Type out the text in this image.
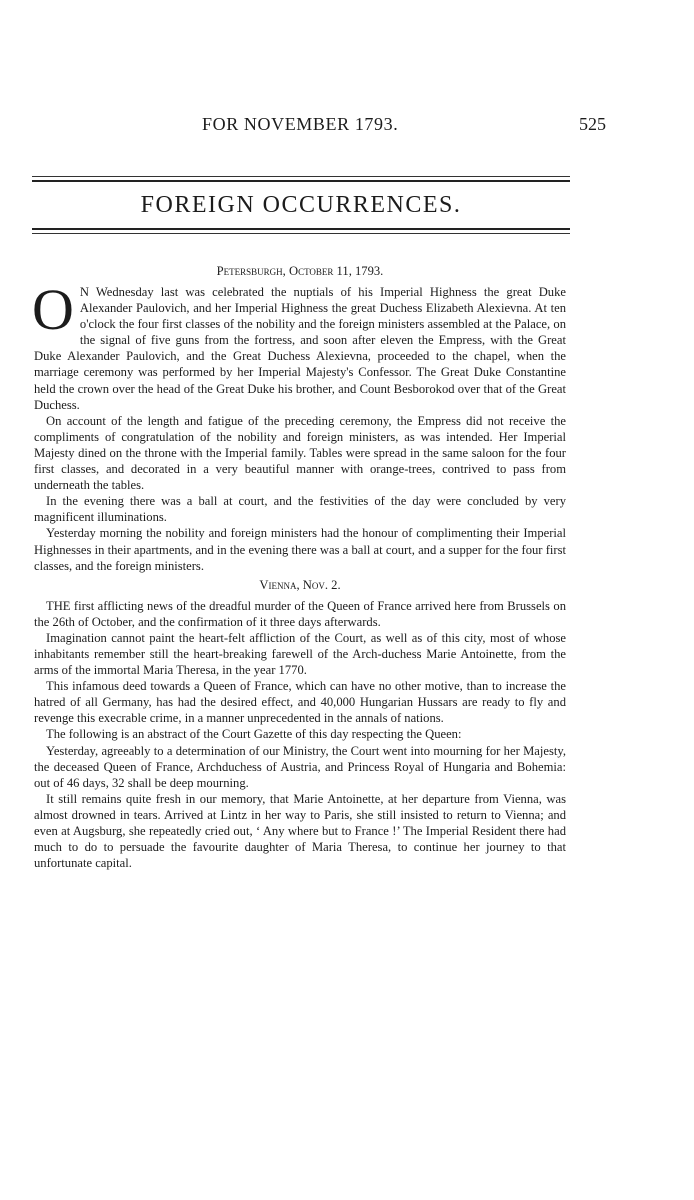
FOR NOVEMBER 1793.	525
FOREIGN OCCURRENCES.

Petersburgh, October 11, 1793.

O N Wednesday last was celebrated the nuptials of his Imperial Highness the great Duke Alexander Paulovich, and her Imperial Highness the great Duchess Elizabeth Alexievna. At ten o'clock the four first classes of the nobility and the foreign ministers assembled at the Palace, on the signal of five guns from the fortress, and soon after eleven the Empress, with the Great Duke Alexander Paulovich, and the Great Duchess Alexievna, proceeded to the chapel, when the marriage ceremony was performed by her Imperial Majesty's Confessor. The Great Duke Constantine held the crown over the head of the Great Duke his brother, and Count Besborokod over that of the Great Duchess.

On account of the length and fatigue of the preceding ceremony, the Empress did not receive the compliments of congratulation of the nobility and foreign ministers, as was intended. Her Imperial Majesty dined on the throne with the Imperial family. Tables were spread in the same saloon for the four first classes, and decorated in a very beautiful manner with orange-trees, contrived to pass from underneath the tables.

In the evening there was a ball at court, and the festivities of the day were concluded by very magnificent illuminations.

Yesterday morning the nobility and foreign ministers had the honour of complimenting their Imperial Highnesses in their apartments, and in the evening there was a ball at court, and a supper for the four first classes, and the foreign ministers.

Vienna, Nov. 2.

THE first afflicting news of the dreadful murder of the Queen of France arrived here from Brussels on the 26th of October, and the confirmation of it three days afterwards.

Imagination cannot paint the heart-felt affliction of the Court, as well as of this city, most of whose inhabitants remember still the heart-breaking farewell of the Arch-duchess Marie Antoinette, from the arms of the immortal Maria Theresa, in the year 1770.

This infamous deed towards a Queen of France, which can have no other motive, than to increase the hatred of all Germany, has had the desired effect, and 40,000 Hungarian Hussars are ready to fly and revenge this execrable crime, in a manner unprecedented in the annals of nations.

The following is an abstract of the Court Gazette of this day respecting the Queen:

Yesterday, agreeably to a determination of our Ministry, the Court went into mourning for her Majesty, the deceased Queen of France, Archduchess of Austria, and Princess Royal of Hungaria and Bohemia: out of 46 days, 32 shall be deep mourning.

It still remains quite fresh in our memory, that Marie Antoinette, at her departure from Vienna, was almost drowned in tears. Arrived at Lintz in her way to Paris, she still insisted to return to Vienna; and even at Augsburg, she repeatedly cried out, ‘ Any where but to France !’ The Imperial Resident there had much to do to persuade the favourite daughter of Maria Theresa, to continue her journey to that unfortunate capital.
